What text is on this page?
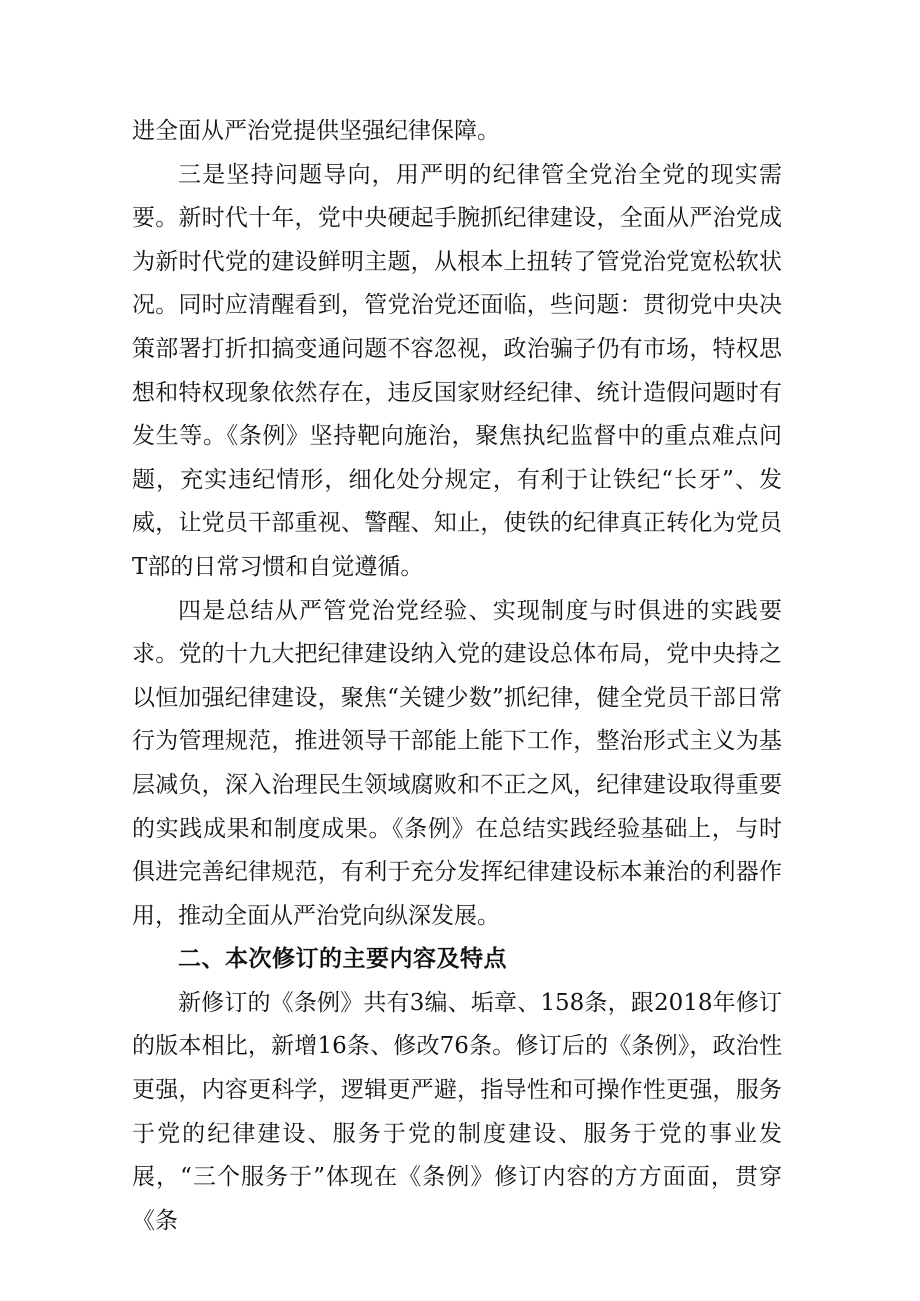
进全面从严治党提供坚强纪律保障。

三是坚持问题导向，用严明的纪律管全党治全党的现实需要。新时代十年，党中央硬起手腕抓纪律建设，全面从严治党成为新时代党的建设鲜明主题，从根本上扭转了管党治党宽松软状况。同时应清醒看到，管党治党还面临，些问题：贯彻党中央决策部署打折扣搞变通问题不容忽视，政治骗子仍有市场，特权思想和特权现象依然存在，违反国家财经纪律、统计造假问题时有发生等。《条例》坚持靶向施治，聚焦执纪监督中的重点难点问题，充实违纪情形，细化处分规定，有利于让铁纪“长牙”、发威，让党员干部重视、警醒、知止，使铁的纪律真正转化为党员T部的日常习惯和自觉遵循。

四是总结从严管党治党经验、实现制度与时俱进的实践要求。党的十九大把纪律建设纳入党的建设总体布局，党中央持之以恒加强纪律建设，聚焦“关键少数”抓纪律，健全党员干部日常行为管理规范，推进领导干部能上能下工作，整治形式主义为基层减负，深入治理民生领域腐败和不正之风，纪律建设取得重要的实践成果和制度成果。《条例》在总结实践经验基础上，与时俱进完善纪律规范，有利于充分发挥纪律建设标本兼治的利器作用，推动全面从严治党向纵深发展。

二、本次修订的主要内容及特点

新修订的《条例》共有3编、垢章、158条，跟2018年修订的版本相比，新增16条、修改76条。修订后的《条例》，政治性更强，内容更科学，逻辑更严避，指导性和可操作性更强，服务于党的纪律建设、服务于党的制度建设、服务于党的事业发展，“三个服务于”体现在《条例》修订内容的方方面面，贯穿《条
